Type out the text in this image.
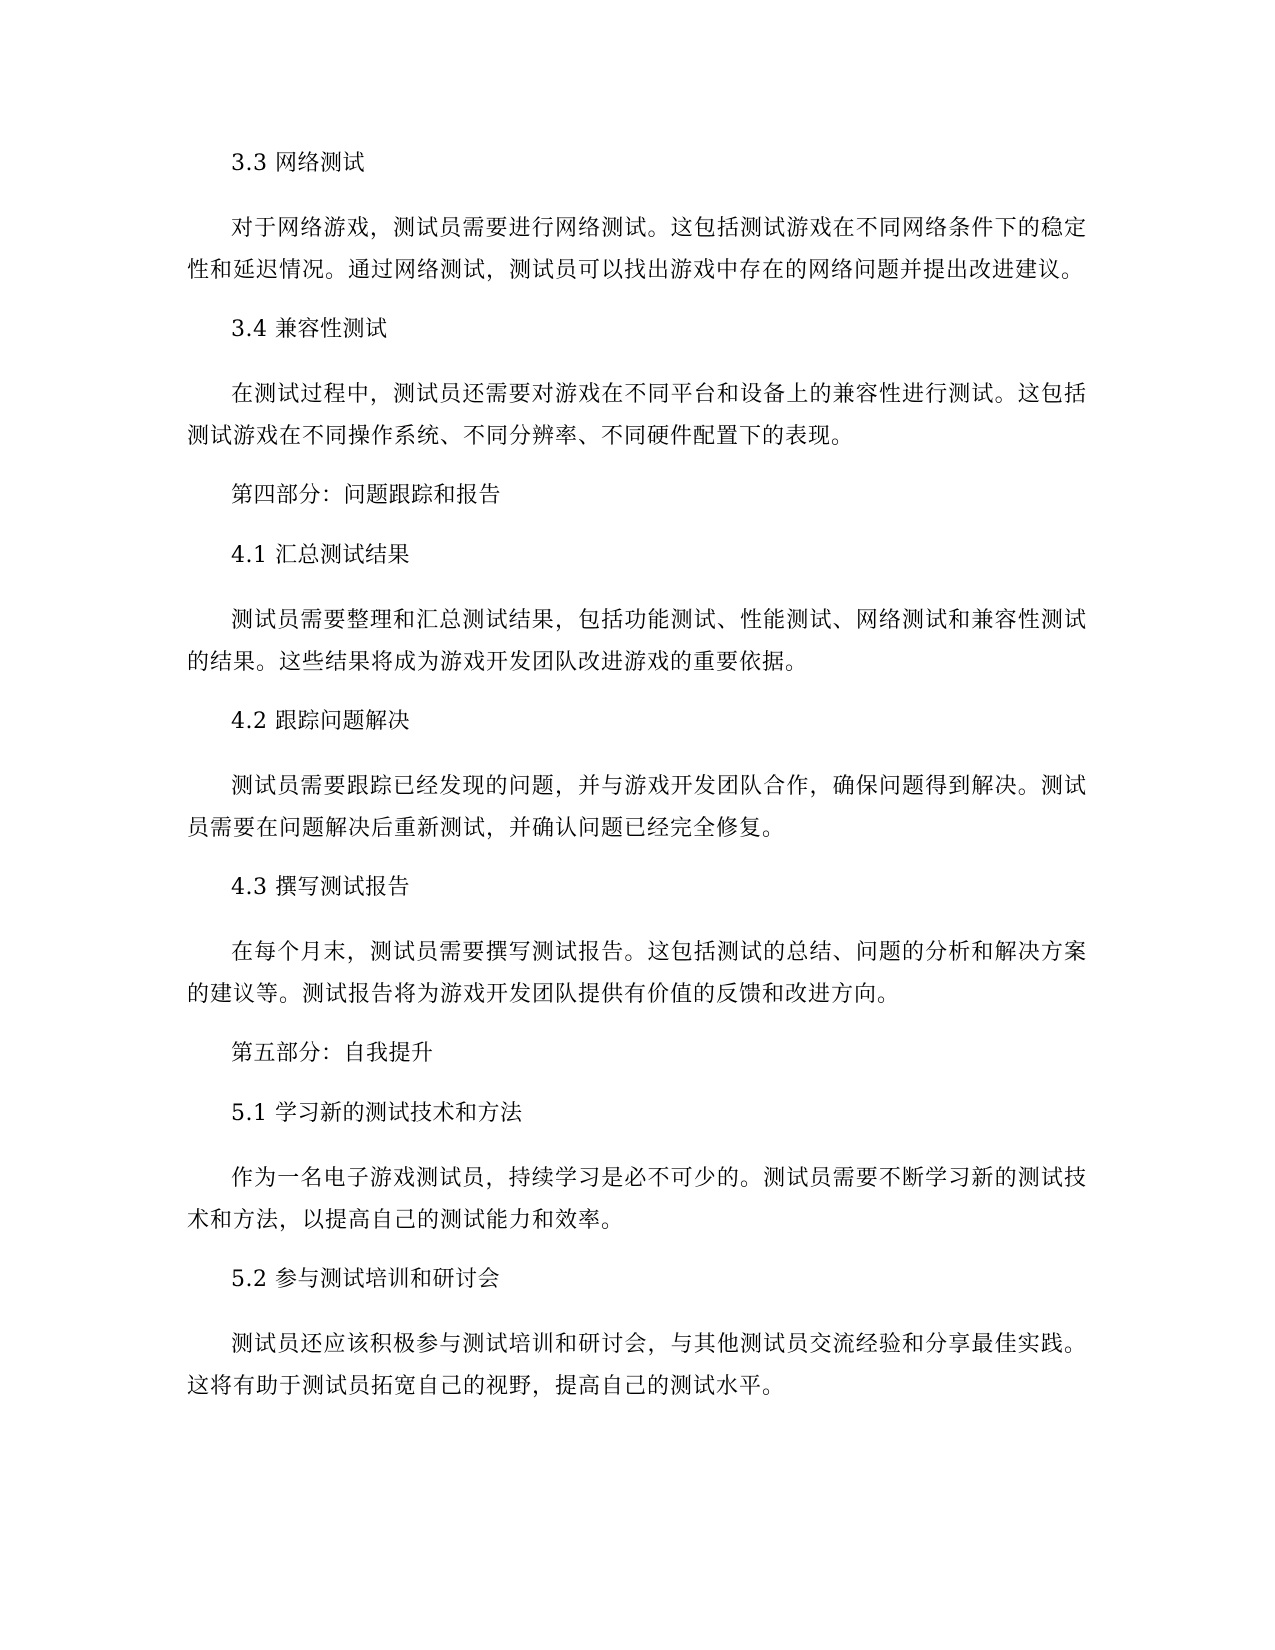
3.3 网络测试

对于网络游戏，测试员需要进行网络测试。这包括测试游戏在不同网络条件下的稳定性和延迟情况。通过网络测试，测试员可以找出游戏中存在的网络问题并提出改进建议。

3.4 兼容性测试

在测试过程中，测试员还需要对游戏在不同平台和设备上的兼容性进行测试。这包括测试游戏在不同操作系统、不同分辨率、不同硬件配置下的表现。

第四部分：问题跟踪和报告
4.1 汇总测试结果

测试员需要整理和汇总测试结果，包括功能测试、性能测试、网络测试和兼容性测试的结果。这些结果将成为游戏开发团队改进游戏的重要依据。

4.2 跟踪问题解决

测试员需要跟踪已经发现的问题，并与游戏开发团队合作，确保问题得到解决。测试员需要在问题解决后重新测试，并确认问题已经完全修复。

4.3 撰写测试报告

在每个月末，测试员需要撰写测试报告。这包括测试的总结、问题的分析和解决方案的建议等。测试报告将为游戏开发团队提供有价值的反馈和改进方向。

第五部分：自我提升
5.1 学习新的测试技术和方法

作为一名电子游戏测试员，持续学习是必不可少的。测试员需要不断学习新的测试技术和方法，以提高自己的测试能力和效率。

5.2 参与测试培训和研讨会

测试员还应该积极参与测试培训和研讨会，与其他测试员交流经验和分享最佳实践。这将有助于测试员拓宽自己的视野，提高自己的测试水平。
